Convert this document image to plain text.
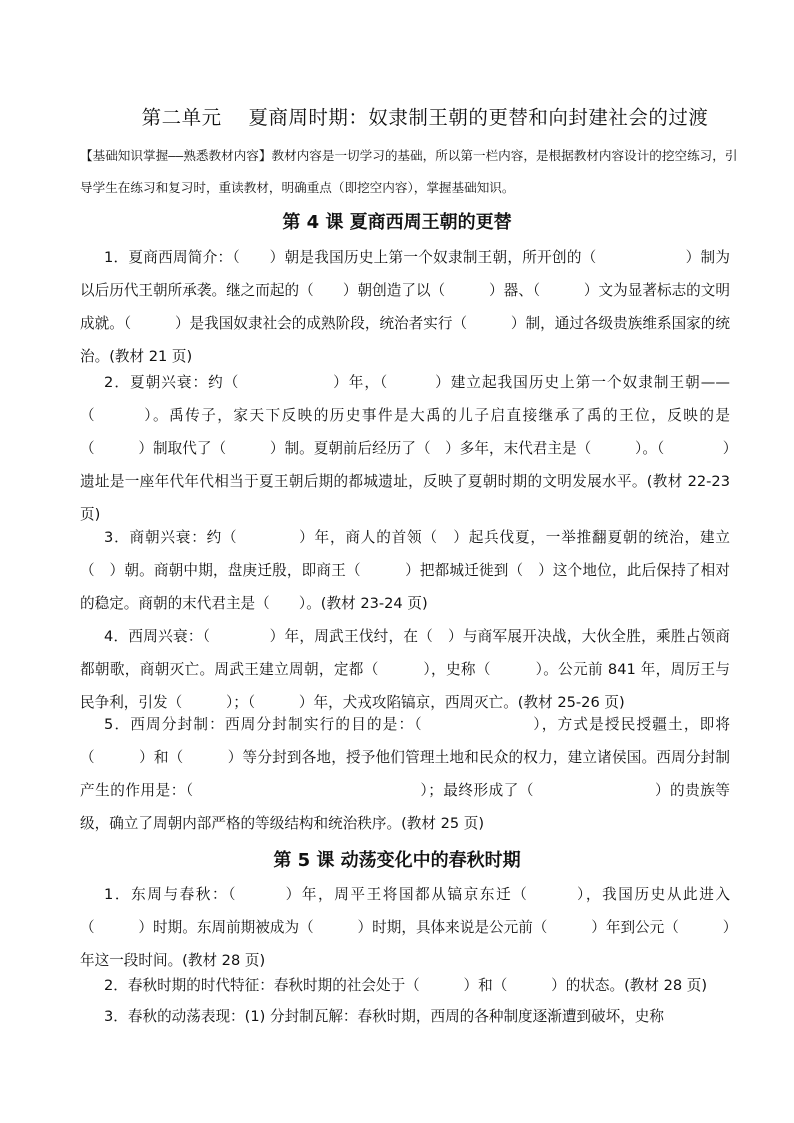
第二单元　 夏商周时期：奴隶制王朝的更替和向封建社会的过渡
【基础知识掌握——熟悉教材内容】教材内容是一切学习的基础，所以第一栏内容，是根据教材内容设计的挖空练习，引导学生在练习和复习时，重读教材，明确重点（即挖空内容），掌握基础知识。
第 4 课 夏商西周王朝的更替
1．夏商西周简介：（　　）朝是我国历史上第一个奴隶制王朝，所开创的（　　　　　　）制为以后历代王朝所承袭。继之而起的（　　）朝创造了以（　　　）器、（　　　）文为显著标志的文明成就。（　　　）是我国奴隶社会的成熟阶段，统治者实行（　　　）制，通过各级贵族维系国家的统治。(教材 21 页)
2．夏朝兴衰：约（　　　　　　）年，（　　　）建立起我国历史上第一个奴隶制王朝——（　　　）。禹传子，家天下反映的历史事件是大禹的儿子启直接继承了禹的王位，反映的是（　　　）制取代了（　　　）制。夏朝前后经历了（　）多年，末代君主是（　　　）。（　　　　）遗址是一座年代年代相当于夏王朝后期的都城遗址，反映了夏朝时期的文明发展水平。(教材 22-23 页)
3．商朝兴衰：约（　　　　）年，商人的首领（　）起兵伐夏，一举推翻夏朝的统治，建立（　）朝。商朝中期，盘庚迁殷，即商王（　　　）把都城迁徙到（　）这个地位，此后保持了相对的稳定。商朝的末代君主是（　　）。(教材 23-24 页)
4．西周兴衰：（　　　　）年，周武王伐纣，在（　）与商军展开决战，大伙全胜，乘胜占领商都朝歌，商朝灭亡。周武王建立周朝，定都（　　　），史称（　　　）。公元前 841 年，周厉王与民争利，引发（　　　）；（　　　）年，犬戎攻陷镐京，西周灭亡。(教材 25-26 页)
5．西周分封制：西周分封制实行的目的是：（　　　　　　　），方式是授民授疆土，即将（　　　）和（　　　）等分封到各地，授予他们管理土地和民众的权力，建立诸侯国。西周分封制产生的作用是：（　　　　　　　　　　　　　　　）；最终形成了（　　　　　　　　）的贵族等级，确立了周朝内部严格的等级结构和统治秩序。(教材 25 页)
第 5 课 动荡变化中的春秋时期
1．东周与春秋：（　　　）年，周平王将国都从镐京东迁（　　　），我国历史从此进入（　　　）时期。东周前期被成为（　　　）时期，具体来说是公元前（　　　）年到公元（　　　）年这一段时间。(教材 28 页)
2．春秋时期的时代特征：春秋时期的社会处于（　　　）和（　　　）的状态。(教材 28 页)
3．春秋的动荡表现：(1) 分封制瓦解：春秋时期，西周的各种制度逐渐遭到破坏，史称
